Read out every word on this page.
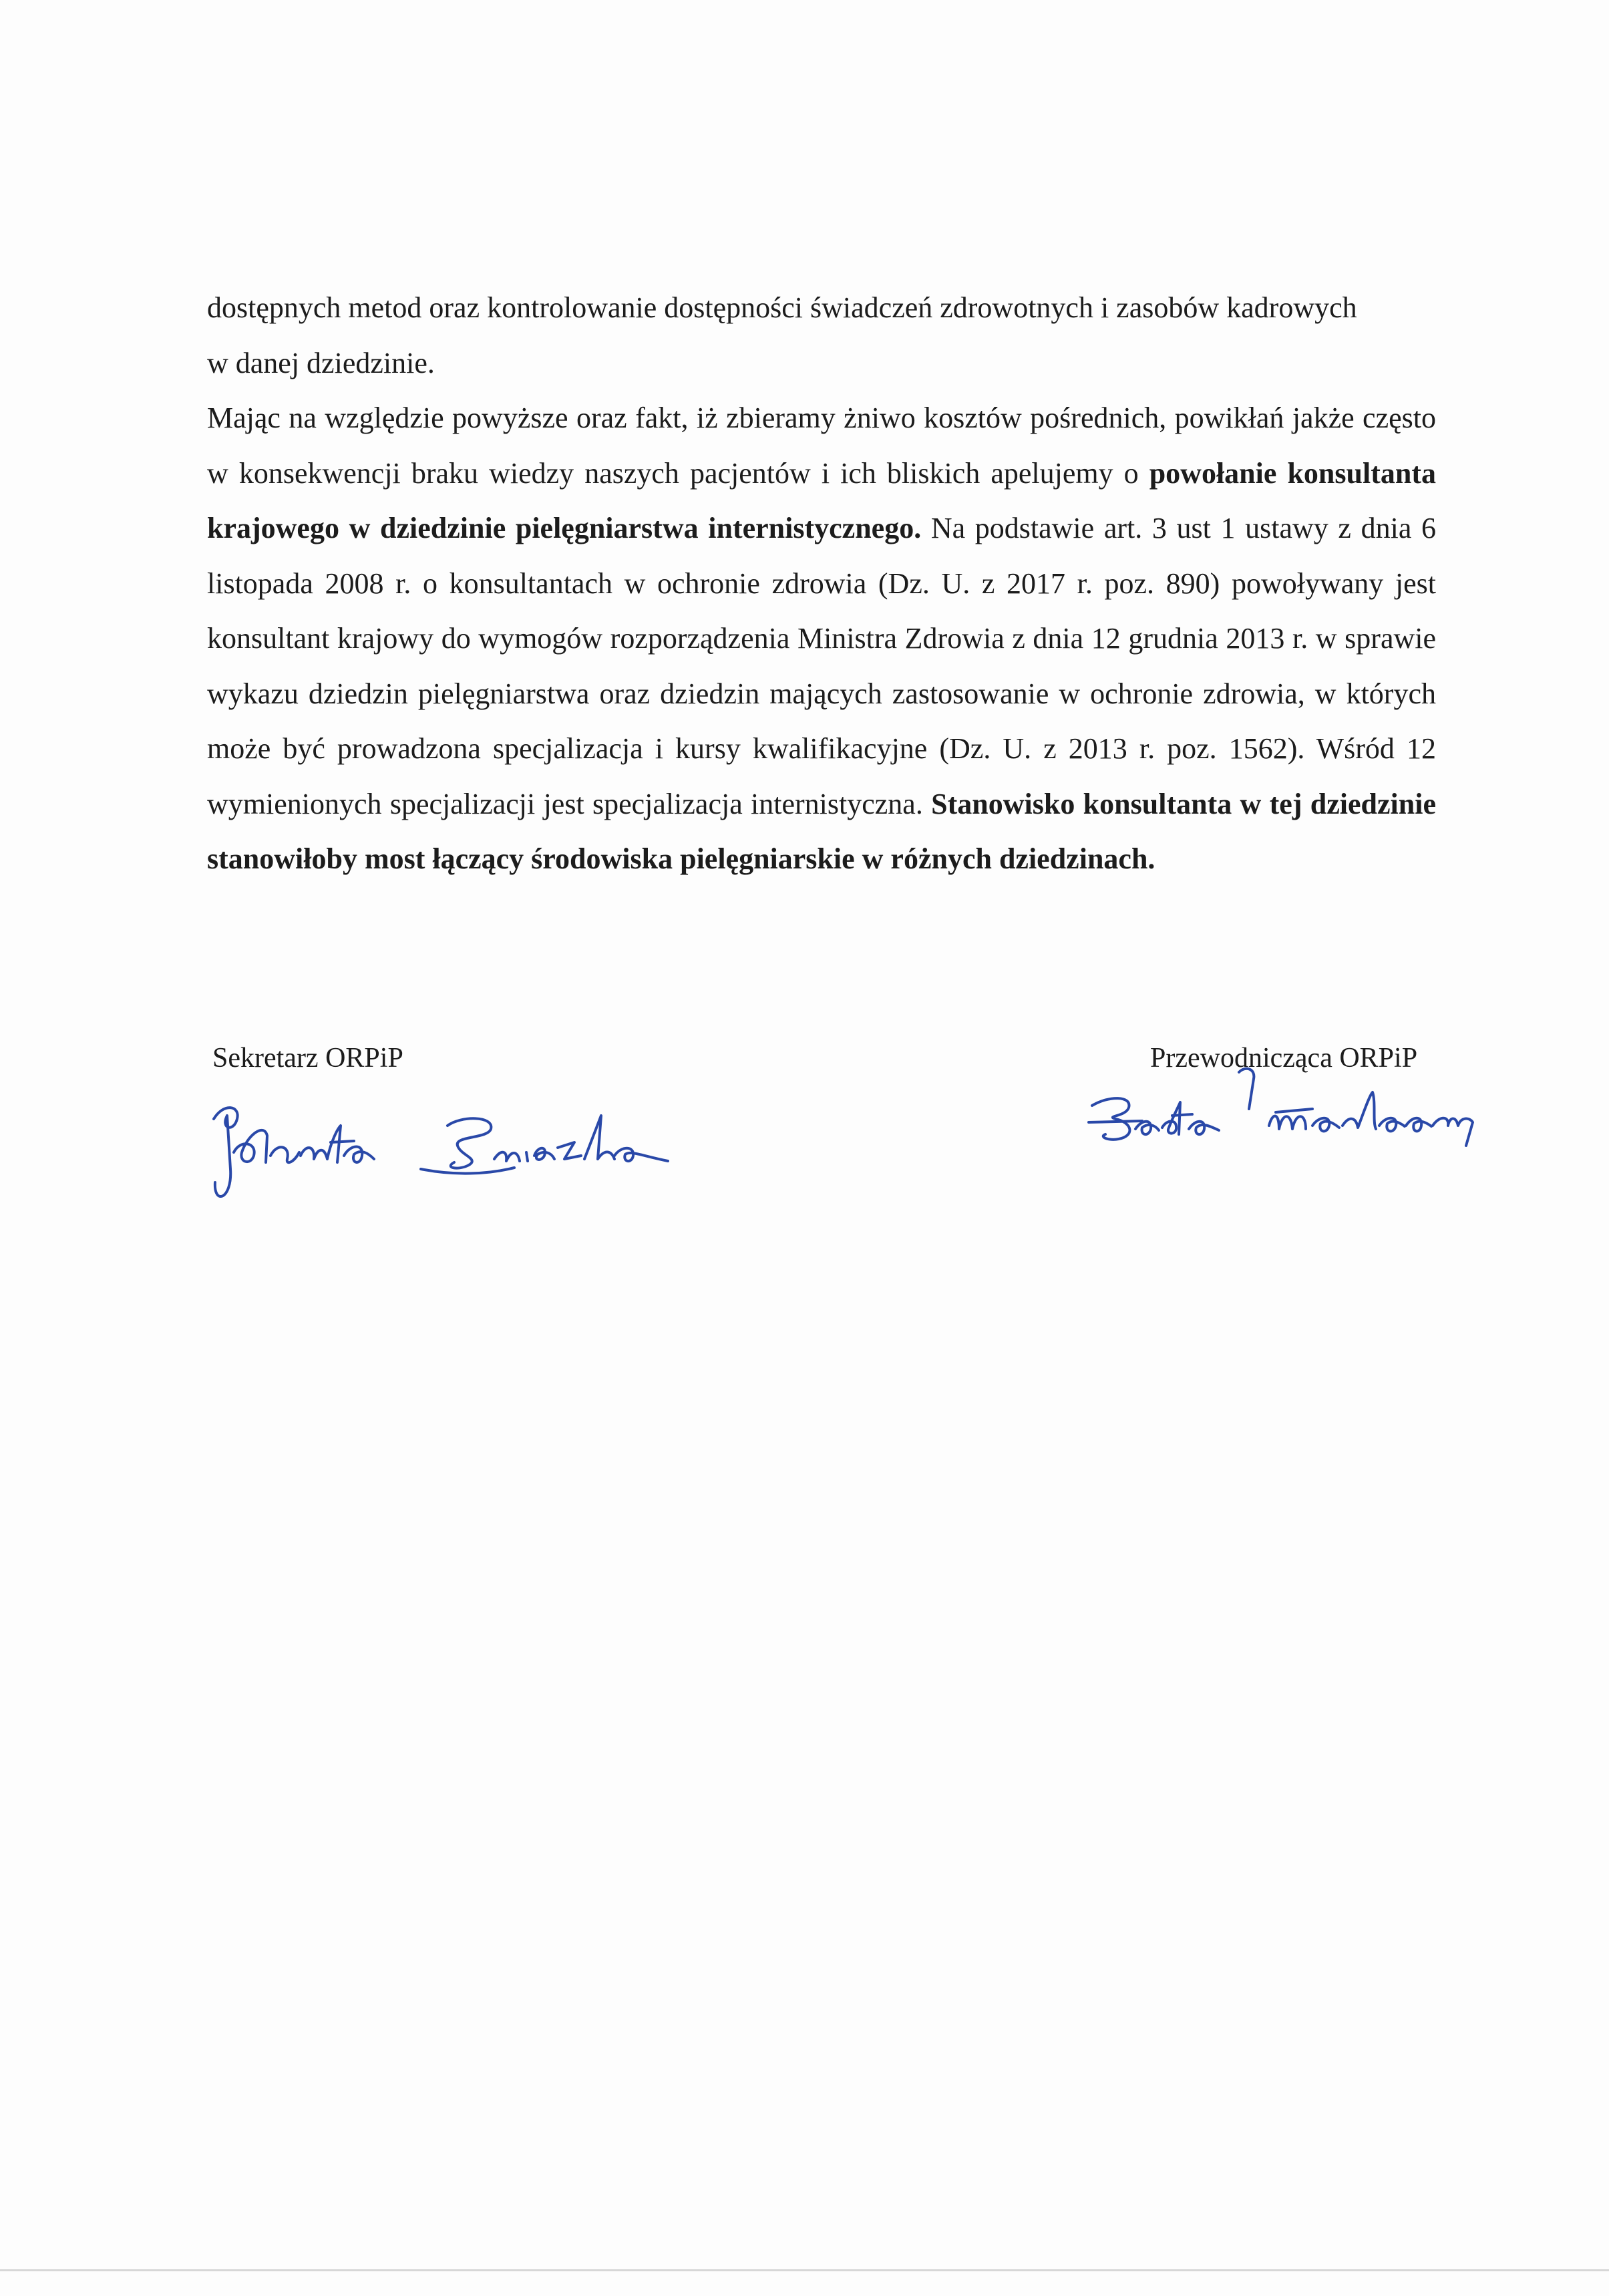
dostępnych metod oraz kontrolowanie dostępności świadczeń zdrowotnych i zasobów kadrowych
w danej dziedzinie.

Mając na względzie powyższe oraz fakt, iż zbieramy żniwo kosztów pośrednich, powikłań jakże często w konsekwencji braku wiedzy naszych pacjentów i ich bliskich apelujemy o powołanie konsultanta krajowego w dziedzinie pielęgniarstwa internistycznego. Na podstawie art. 3 ust 1 ustawy z dnia 6 listopada 2008 r. o konsultantach w ochronie zdrowia (Dz. U. z 2017 r. poz. 890) powoływany jest konsultant krajowy do wymogów rozporządzenia Ministra Zdrowia z dnia 12 grudnia 2013 r. w sprawie wykazu dziedzin pielęgniarstwa oraz dziedzin mających zastosowanie w ochronie zdrowia, w których może być prowadzona specjalizacja i kursy kwalifikacyjne (Dz. U. z 2013 r. poz. 1562). Wśród 12 wymienionych specjalizacji jest specjalizacja internistyczna. Stanowisko konsultanta w tej dziedzinie stanowiłoby most łączący środowiska pielęgniarskie w różnych dziedzinach.

Sekretarz ORPiP	Przewodnicząca ORPiP
